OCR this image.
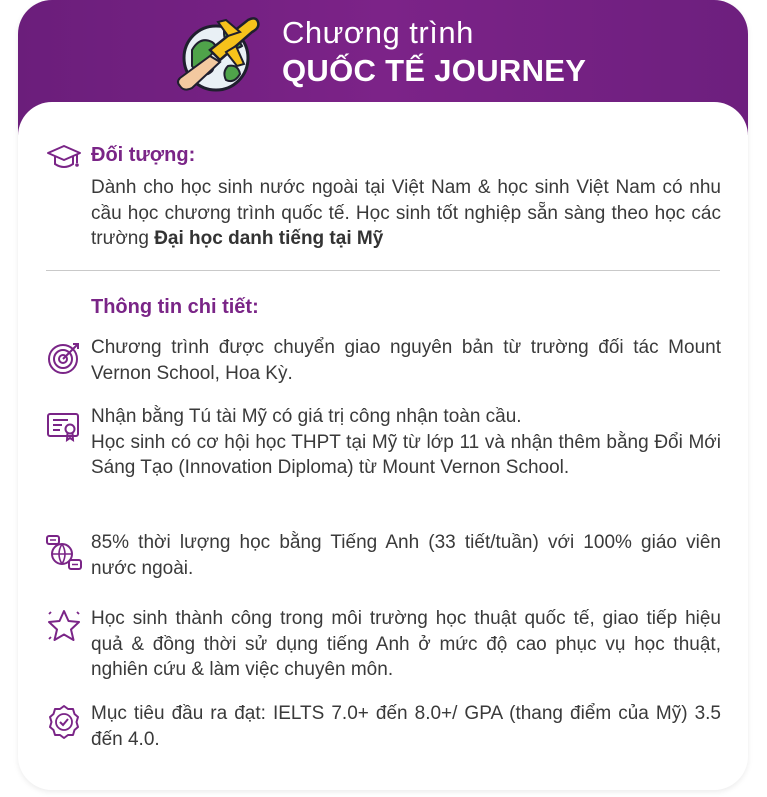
Chương trình
QUỐC TẾ JOURNEY
Đối tượng:
Dành cho học sinh nước ngoài tại Việt Nam & học sinh Việt Nam có nhu cầu học chương trình quốc tế. Học sinh tốt nghiệp sẵn sàng theo học các trường Đại học danh tiếng tại Mỹ
Thông tin chi tiết:
Chương trình được chuyển giao nguyên bản từ trường đối tác Mount Vernon School, Hoa Kỳ.
Nhận bằng Tú tài Mỹ có giá trị công nhận toàn cầu.
Học sinh có cơ hội học THPT tại Mỹ từ lớp 11 và nhận thêm bằng Đổi Mới Sáng Tạo (Innovation Diploma) từ Mount Vernon School.
85% thời lượng học bằng Tiếng Anh (33 tiết/tuần) với 100% giáo viên nước ngoài.
Học sinh thành công trong môi trường học thuật quốc tế, giao tiếp hiệu quả & đồng thời sử dụng tiếng Anh ở mức độ cao phục vụ học thuật, nghiên cứu & làm việc chuyên môn.
Mục tiêu đầu ra đạt: IELTS 7.0+ đến 8.0+/ GPA (thang điểm của Mỹ) 3.5 đến 4.0.
